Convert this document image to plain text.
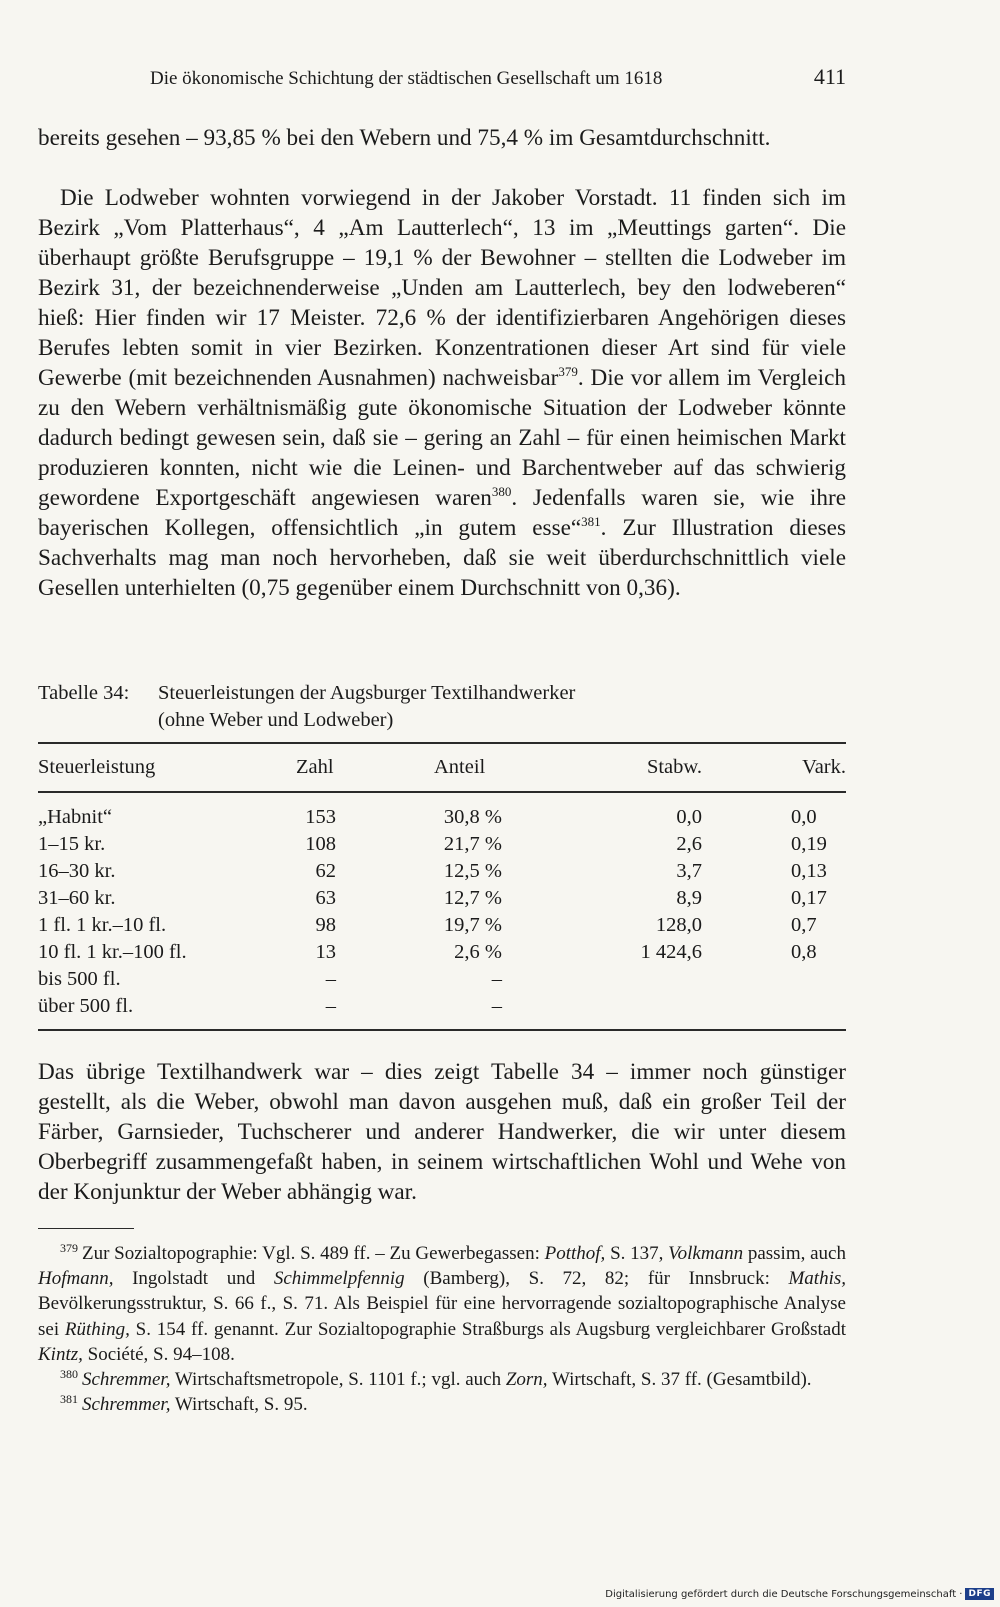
Die ökonomische Schichtung der städtischen Gesellschaft um 1618	411
bereits gesehen – 93,85 % bei den Webern und 75,4 % im Gesamtdurchschnitt.
Die Lodweber wohnten vorwiegend in der Jakober Vorstadt. 11 finden sich im Bezirk „Vom Platterhaus“, 4 „Am Lautterlech“, 13 im „Meuttings garten“. Die überhaupt größte Berufsgruppe – 19,1 % der Bewohner – stellten die Lodweber im Bezirk 31, der bezeichnenderweise „Unden am Lautterlech, bey den lodweberen“ hieß: Hier finden wir 17 Meister. 72,6 % der identifizierbaren Angehörigen dieses Berufes lebten somit in vier Bezirken. Konzentrationen dieser Art sind für viele Gewerbe (mit bezeichnenden Ausnahmen) nachweisbar$^{379}$. Die vor allem im Vergleich zu den Webern verhältnismäßig gute ökonomische Situation der Lodweber könnte dadurch bedingt gewesen sein, daß sie – gering an Zahl – für einen heimischen Markt produzieren konnten, nicht wie die Leinen- und Barchentweber auf das schwierig gewordene Exportgeschäft angewiesen waren$^{380}$. Jedenfalls waren sie, wie ihre bayerischen Kollegen, offensichtlich „in gutem esse“$^{381}$. Zur Illustration dieses Sachverhalts mag man noch hervorheben, daß sie weit überdurchschnittlich viele Gesellen unterhielten (0,75 gegenüber einem Durchschnitt von 0,36).
Tabelle 34: Steuerleistungen der Augsburger Textilhandwerker
(ohne Weber und Lodweber)
Steuerleistung	Zahl	Anteil	Stabw.	Vark.
„Habnit“	153	30,8 %	0,0	0,0
1–15 kr.	108	21,7 %	2,6	0,19
16–30 kr.	62	12,5 %	3,7	0,13
31–60 kr.	63	12,7 %	8,9	0,17
1 fl. 1 kr.–10 fl.	98	19,7 %	128,0	0,7
10 fl. 1 kr.–100 fl.	13	2,6 %	1 424,6	0,8
bis 500 fl.	–	–
über 500 fl.	–	–
Das übrige Textilhandwerk war – dies zeigt Tabelle 34 – immer noch günstiger gestellt, als die Weber, obwohl man davon ausgehen muß, daß ein großer Teil der Färber, Garnsieder, Tuchscherer und anderer Handwerker, die wir unter diesem Oberbegriff zusammengefaßt haben, in seinem wirtschaftlichen Wohl und Wehe von der Konjunktur der Weber abhängig war.

$^{379}$ Zur Sozialtopographie: Vgl. S. 489 ff. – Zu Gewerbegassen: Potthof, S. 137, Volkmann passim, auch Hofmann, Ingolstadt und Schimmelpfennig (Bamberg), S. 72, 82; für Innsbruck: Mathis, Bevölkerungsstruktur, S. 66 f., S. 71. Als Beispiel für eine hervorragende sozialtopographische Analyse sei Rüthing, S. 154 ff. genannt. Zur Sozialtopographie Straßburgs als Augsburg vergleichbarer Großstadt Kintz, Société, S. 94–108.

$^{380}$ Schremmer, Wirtschaftsmetropole, S. 1101 f.; vgl. auch Zorn, Wirtschaft, S. 37 ff. (Gesamtbild).

$^{381}$ Schremmer, Wirtschaft, S. 95.

Digitalisierung gefördert durch die Deutsche Forschungsgemeinschaft · DFG
